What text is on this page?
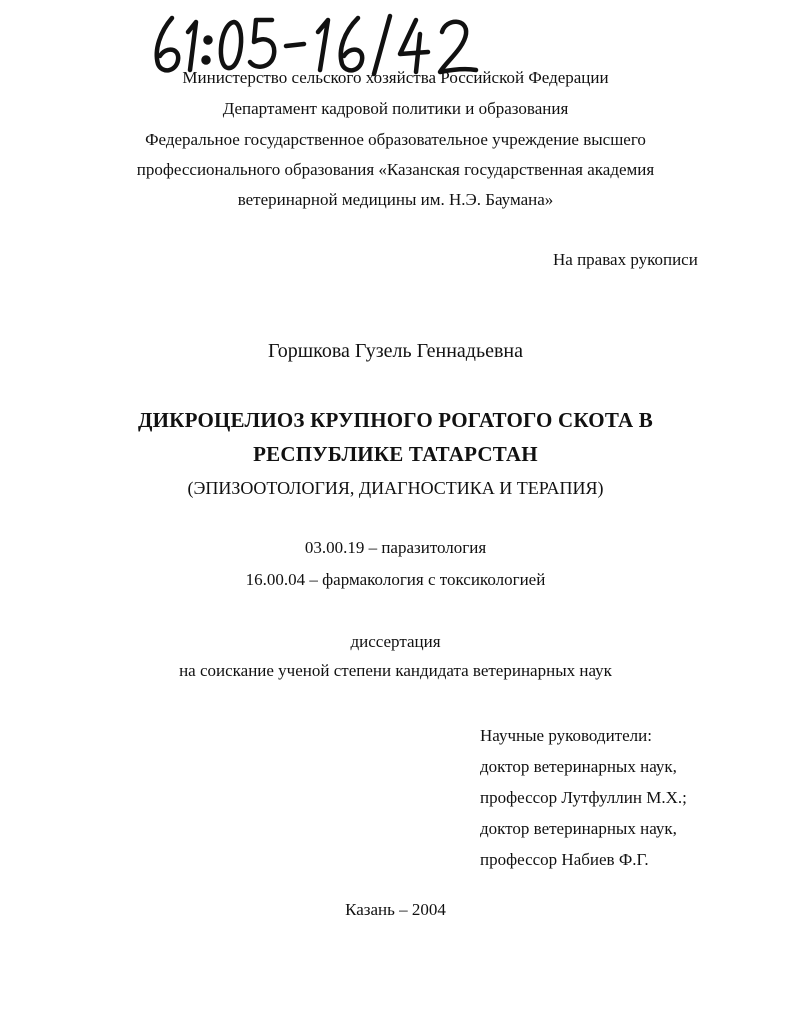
Министерство сельского хозяйства Российской Федерации
Департамент кадровой политики и образования
Федеральное государственное образовательное учреждение высшего
профессионального образования «Казанская государственная академия
ветеринарной медицины им. Н.Э. Баумана»
На правах рукописи
Горшкова Гузель Геннадьевна
ДИКРОЦЕЛИОЗ КРУПНОГО РОГАТОГО СКОТА В
РЕСПУБЛИКЕ ТАТАРСТАН
(ЭПИЗООТОЛОГИЯ, ДИАГНОСТИКА И ТЕРАПИЯ)
03.00.19 – паразитология
16.00.04 – фармакология с токсикологией
диссертация
на соискание ученой степени кандидата ветеринарных наук
Научные руководители:
доктор ветеринарных наук,
профессор Лутфуллин М.Х.;
доктор ветеринарных наук,
профессор Набиев Ф.Г.
Казань – 2004
